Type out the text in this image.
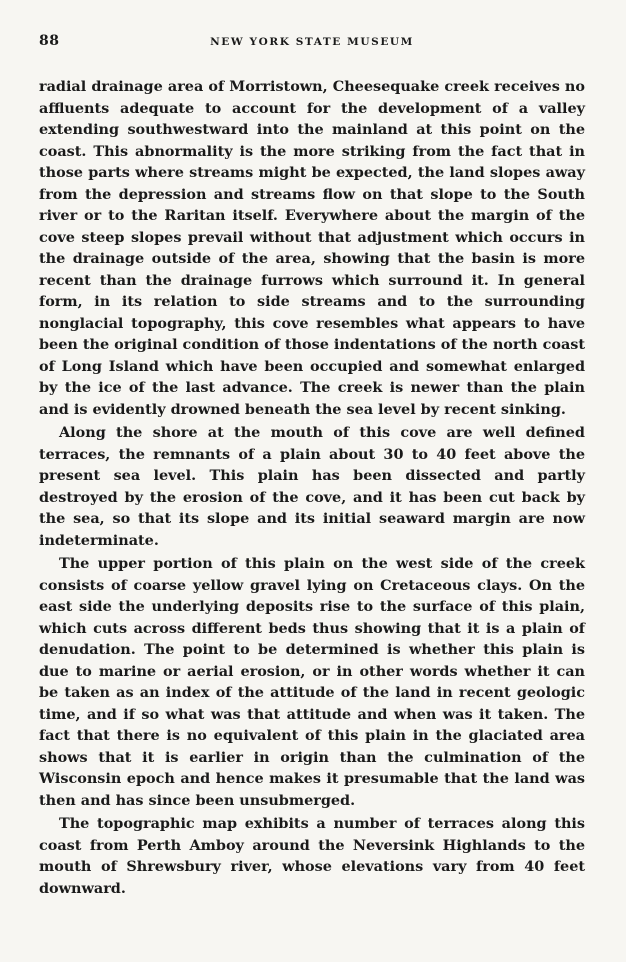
88	NEW YORK STATE MUSEUM

radial drainage area of Morristown, Cheesequake creek receives no affluents adequate to account for the development of a valley extending southwestward into the mainland at this point on the coast. This abnormality is the more striking from the fact that in those parts where streams might be expected, the land slopes away from the depression and streams flow on that slope to the South river or to the Raritan itself. Everywhere about the margin of the cove steep slopes prevail without that adjustment which occurs in the drainage outside of the area, showing that the basin is more recent than the drainage furrows which surround it. In general form, in its relation to side streams and to the surrounding nonglacial topography, this cove resembles what appears to have been the original condition of those indentations of the north coast of Long Island which have been occupied and somewhat enlarged by the ice of the last advance. The creek is newer than the plain and is evidently drowned beneath the sea level by recent sinking.

Along the shore at the mouth of this cove are well defined terraces, the remnants of a plain about 30 to 40 feet above the present sea level. This plain has been dissected and partly destroyed by the erosion of the cove, and it has been cut back by the sea, so that its slope and its initial seaward margin are now indeterminate.

The upper portion of this plain on the west side of the creek consists of coarse yellow gravel lying on Cretaceous clays. On the east side the underlying deposits rise to the surface of this plain, which cuts across different beds thus showing that it is a plain of denudation. The point to be determined is whether this plain is due to marine or aerial erosion, or in other words whether it can be taken as an index of the attitude of the land in recent geologic time, and if so what was that attitude and when was it taken. The fact that there is no equivalent of this plain in the glaciated area shows that it is earlier in origin than the culmination of the Wisconsin epoch and hence makes it presumable that the land was then and has since been unsubmerged.

The topographic map exhibits a number of terraces along this coast from Perth Amboy around the Neversink Highlands to the mouth of Shrewsbury river, whose elevations vary from 40 feet downward.
